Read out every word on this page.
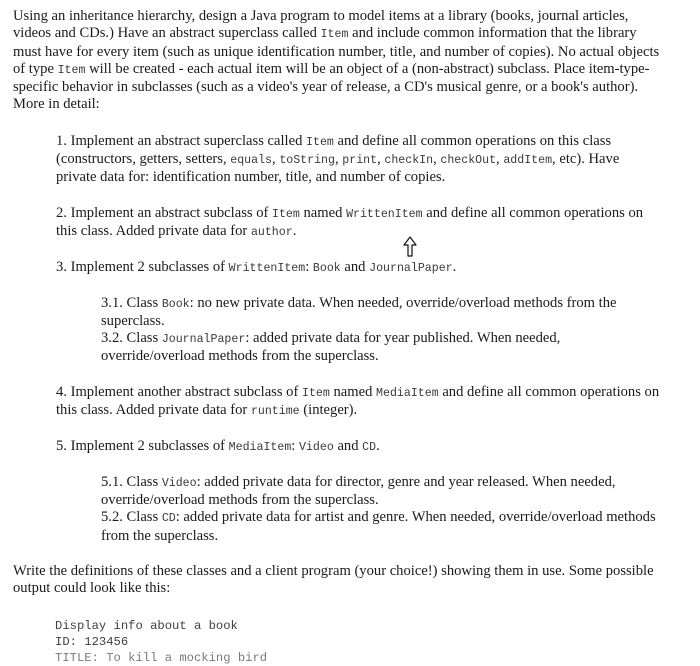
Using an inheritance hierarchy, design a Java program to model items at a library (books, journal articles,
videos and CDs.) Have an abstract superclass called Item and include common information that the library
must have for every item (such as unique identification number, title, and number of copies). No actual objects
of type Item will be created - each actual item will be an object of a (non-abstract) subclass. Place item-type-
specific behavior in subclasses (such as a video's year of release, a CD's musical genre, or a book's author).
More in detail:

1. Implement an abstract superclass called Item and define all common operations on this class
(constructors, getters, setters, equals, toString, print, checkIn, checkOut, addItem, etc). Have
private data for: identification number, title, and number of copies.

2. Implement an abstract subclass of Item named WrittenItem and define all common operations on
this class. Added private data for author.

3. Implement 2 subclasses of WrittenItem: Book and JournalPaper.

3.1. Class Book: no new private data. When needed, override/overload methods from the
superclass.

3.2. Class JournalPaper: added private data for year published. When needed,
override/overload methods from the superclass.

4. Implement another abstract subclass of Item named MediaItem and define all common operations on
this class. Added private data for runtime (integer).

5. Implement 2 subclasses of MediaItem: Video and CD.

5.1. Class Video: added private data for director, genre and year released. When needed,
override/overload methods from the superclass.

5.2. Class CD: added private data for artist and genre. When needed, override/overload methods
from the superclass.

Write the definitions of these classes and a client program (your choice!) showing them in use. Some possible
output could look like this:

Display info about a book
ID: 123456
TITLE: To kill a mocking bird
